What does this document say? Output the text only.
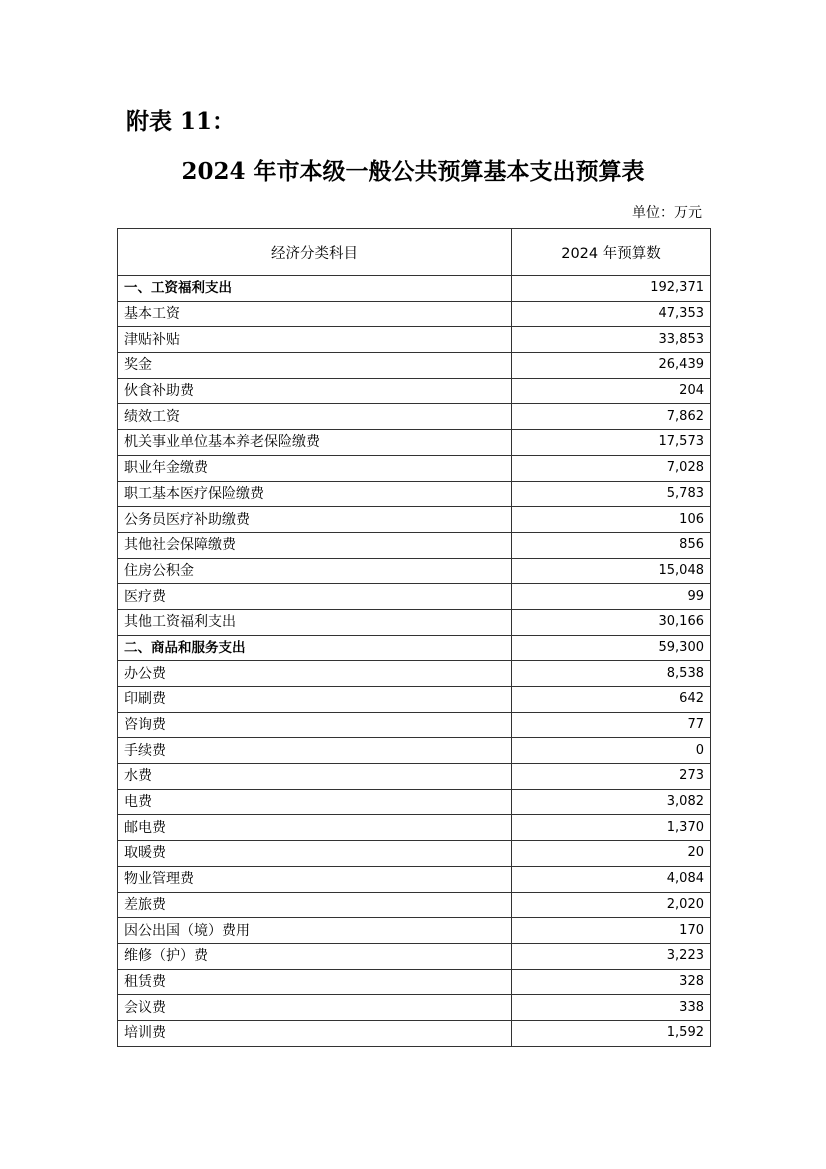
附表 11：
2024 年市本级一般公共预算基本支出预算表
单位：万元
经济分类科目	2024 年预算数
一、工资福利支出	192,371
基本工资	47,353
津贴补贴	33,853
奖金	26,439
伙食补助费	204
绩效工资	7,862
机关事业单位基本养老保险缴费	17,573
职业年金缴费	7,028
职工基本医疗保险缴费	5,783
公务员医疗补助缴费	106
其他社会保障缴费	856
住房公积金	15,048
医疗费	99
其他工资福利支出	30,166
二、商品和服务支出	59,300
办公费	8,538
印刷费	642
咨询费	77
手续费	0
水费	273
电费	3,082
邮电费	1,370
取暖费	20
物业管理费	4,084
差旅费	2,020
因公出国（境）费用	170
维修（护）费	3,223
租赁费	328
会议费	338
培训费	1,592
